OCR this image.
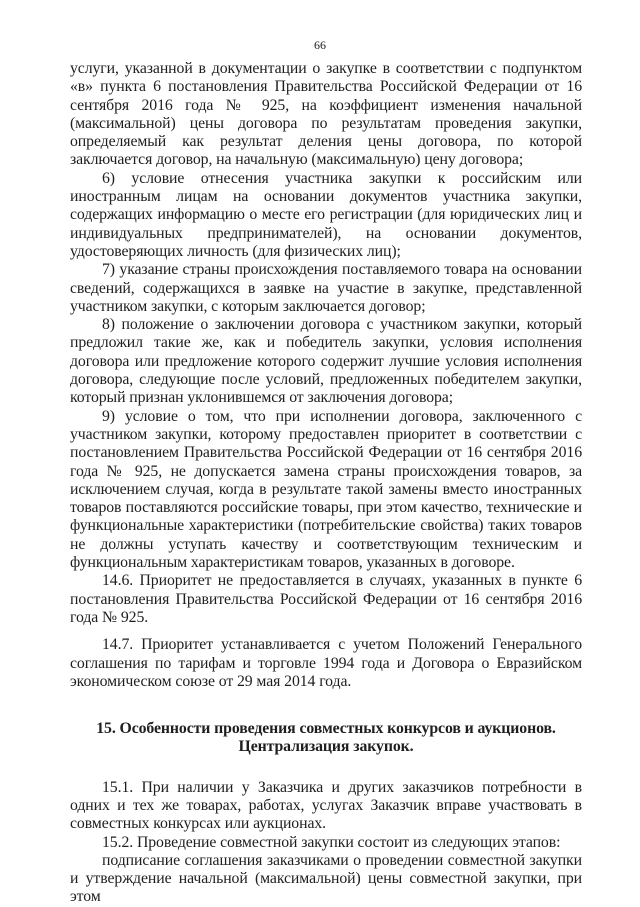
66

услуги, указанной в документации о закупке в соответствии с подпунктом «в» пункта 6 постановления Правительства Российской Федерации от 16 сентября 2016 года № 925, на коэффициент изменения начальной (максимальной) цены договора по результатам проведения закупки, определяемый как результат деления цены договора, по которой заключается договор, на начальную (максимальную) цену договора;

6) условие отнесения участника закупки к российским или иностранным лицам на основании документов участника закупки, содержащих информацию о месте его регистрации (для юридических лиц и индивидуальных предпринимателей), на основании документов, удостоверяющих личность (для физических лиц);

7) указание страны происхождения поставляемого товара на основании сведений, содержащихся в заявке на участие в закупке, представленной участником закупки, с которым заключается договор;

8) положение о заключении договора с участником закупки, который предложил такие же, как и победитель закупки, условия исполнения договора или предложение которого содержит лучшие условия исполнения договора, следующие после условий, предложенных победителем закупки, который признан уклонившемся от заключения договора;

9) условие о том, что при исполнении договора, заключенного с участником закупки, которому предоставлен приоритет в соответствии с постановлением Правительства Российской Федерации от 16 сентября 2016 года № 925, не допускается замена страны происхождения товаров, за исключением случая, когда в результате такой замены вместо иностранных товаров поставляются российские товары, при этом качество, технические и функциональные характеристики (потребительские свойства) таких товаров не должны уступать качеству и соответствующим техническим и функциональным характеристикам товаров, указанных в договоре.

14.6. Приоритет не предоставляется в случаях, указанных в пункте 6 постановления Правительства Российской Федерации от 16 сентября 2016 года № 925.

14.7. Приоритет устанавливается с учетом Положений Генерального соглашения по тарифам и торговле 1994 года и Договора о Евразийском экономическом союзе от 29 мая 2014 года.

15. Особенности проведения совместных конкурсов и аукционов.
Централизация закупок.

15.1. При наличии у Заказчика и других заказчиков потребности в одних и тех же товарах, работах, услугах Заказчик вправе участвовать в совместных конкурсах или аукционах.

15.2. Проведение совместной закупки состоит из следующих этапов:

подписание соглашения заказчиками о проведении совместной закупки и утверждение начальной (максимальной) цены совместной закупки, при этом
